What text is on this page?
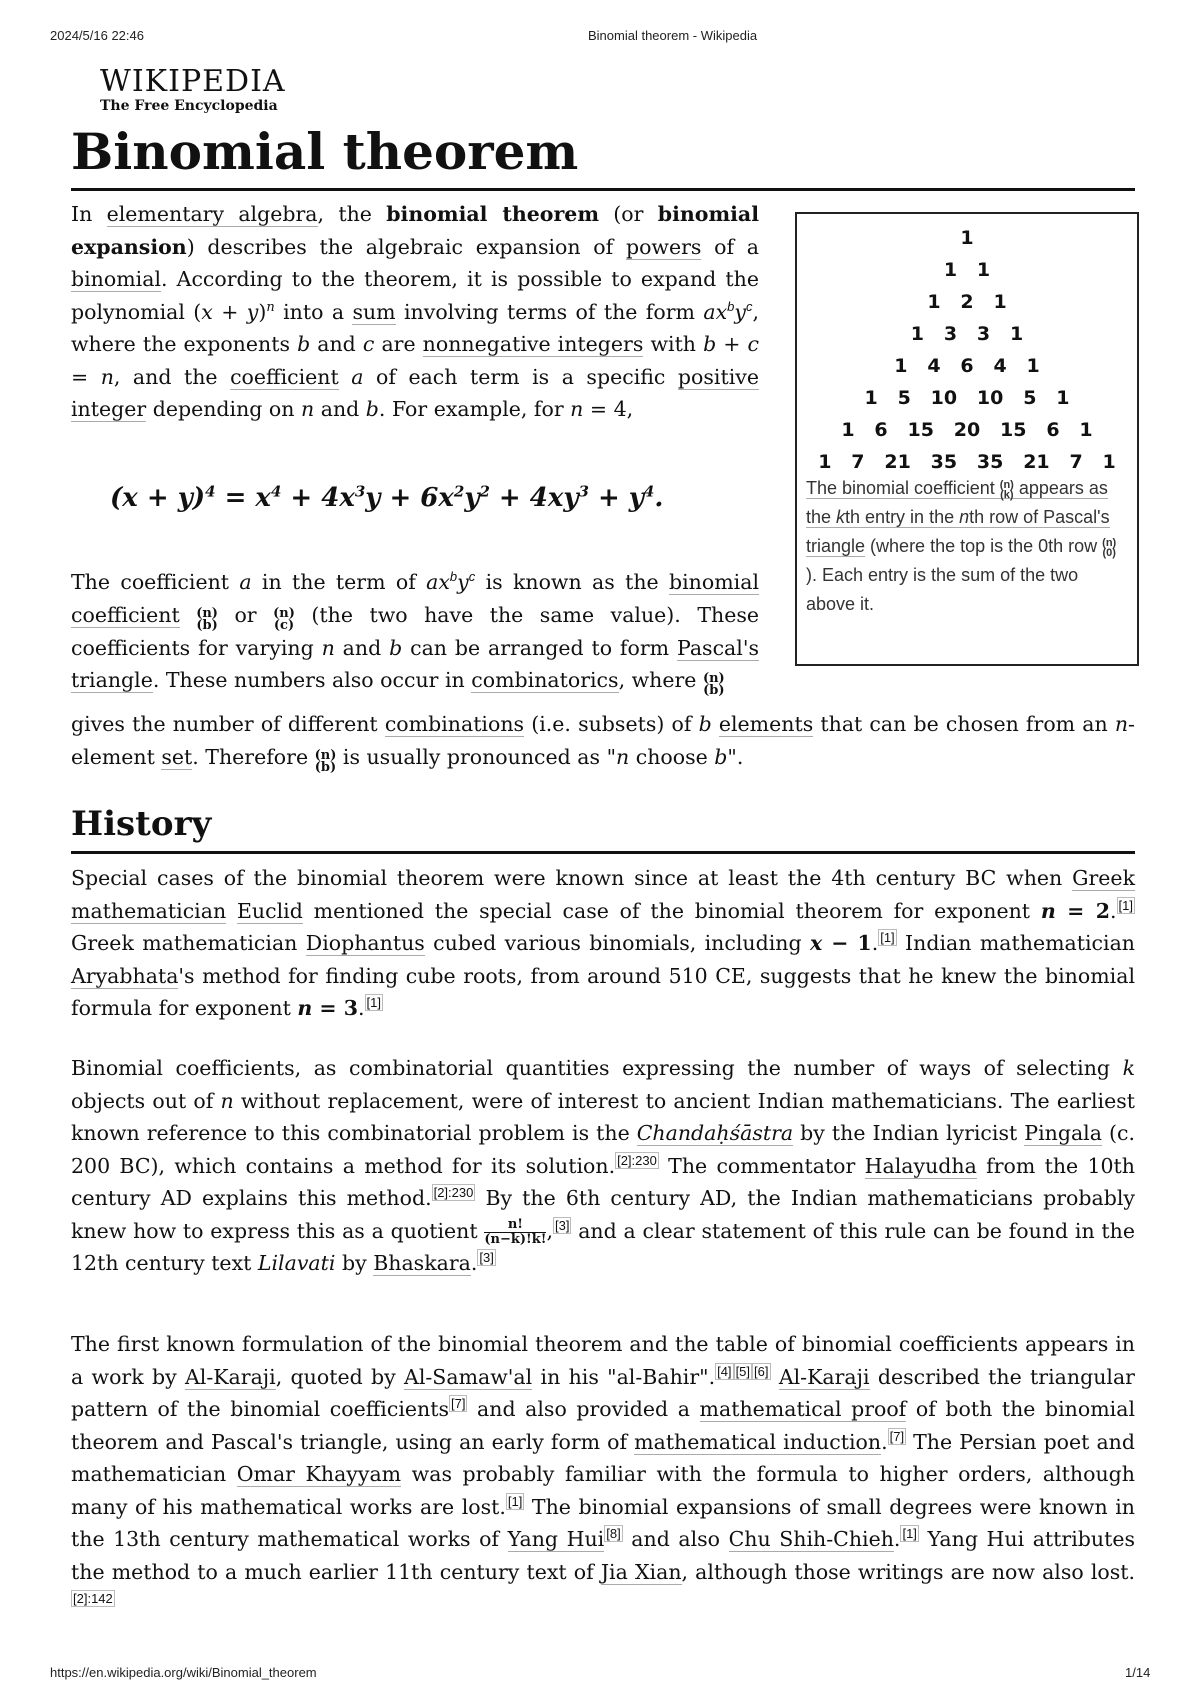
2024/5/16 22:46	Binomial theorem - Wikipedia
WIKIPEDIA
The Free Encyclopedia
Binomial theorem
In elementary algebra, the binomial theorem (or binomial expansion) describes the algebraic expansion of powers of a binomial. According to the theorem, it is possible to expand the polynomial $(x + y)^n$ into a sum involving terms of the form $ax^by^c$, where the exponents b and c are nonnegative integers with b + c = n, and the coefficient a of each term is a specific positive integer depending on n and b. For example, for n = 4,
$(x + y)^4 = x^4 + 4x^3y + 6x^2y^2 + 4xy^3 + y^4$.
The coefficient a in the term of $ax^by^c$ is known as the binomial coefficient (n)
(b) or (n)
(c) (the two have the same value). These coefficients for varying n and b can be arranged to form Pascal's triangle. These numbers also occur in combinatorics, where (n)
(b)
gives the number of different combinations (i.e. subsets) of b elements that can be chosen from an n-element set. Therefore (n)
(b) is usually pronounced as "n choose b".
1
1   1
1   2   1
1   3   3   1
1   4   6   4   1
1   5   10   10   5   1
1   6   15   20   15   6   1
1   7   21   35   35   21   7   1
The binomial coefficient (n)
(k) appears as the kth entry in the nth row of Pascal's triangle (where the top is the 0th row (n)
(0)
). Each entry is the sum of the two above it.
History
Special cases of the binomial theorem were known since at least the 4th century BC when Greek mathematician Euclid mentioned the special case of the binomial theorem for exponent n = 2. [1] Greek mathematician Diophantus cubed various binomials, including x − 1. [1] Indian mathematician Aryabhata's method for finding cube roots, from around 510 CE, suggests that he knew the binomial formula for exponent n = 3. [1]
Binomial coefficients, as combinatorial quantities expressing the number of ways of selecting k objects out of n without replacement, were of interest to ancient Indian mathematicians. The earliest known reference to this combinatorial problem is the Chandaḥśāstra by the Indian lyricist Pingala (c. 200 BC), which contains a method for its solution. $^{[2]:230}$ The commentator Halayudha from the 10th century AD explains this method. $^{[2]:230}$ By the 6th century AD, the Indian mathematicians probably knew how to express this as a quotient $\frac{n!}{(n-k)!k!}$ , [3] and a clear statement of this rule can be found in the 12th century text Lilavati by Bhaskara. [3]
The first known formulation of the binomial theorem and the table of binomial coefficients appears in a work by Al-Karaji, quoted by Al-Samaw'al in his "al-Bahir". [4] [5] [6] Al-Karaji described the triangular pattern of the binomial coefficients [7] and also provided a mathematical proof of both the binomial theorem and Pascal's triangle, using an early form of mathematical induction. [7] The Persian poet and mathematician Omar Khayyam was probably familiar with the formula to higher orders, although many of his mathematical works are lost. [1] The binomial expansions of small degrees were known in the 13th century mathematical works of Yang Hui [8] and also Chu Shih-Chieh. [1] Yang Hui attributes the method to a much earlier 11th century text of Jia Xian, although those writings are now also lost.$^{[2]:142}$
https://en.wikipedia.org/wiki/Binomial_theorem	1/14
